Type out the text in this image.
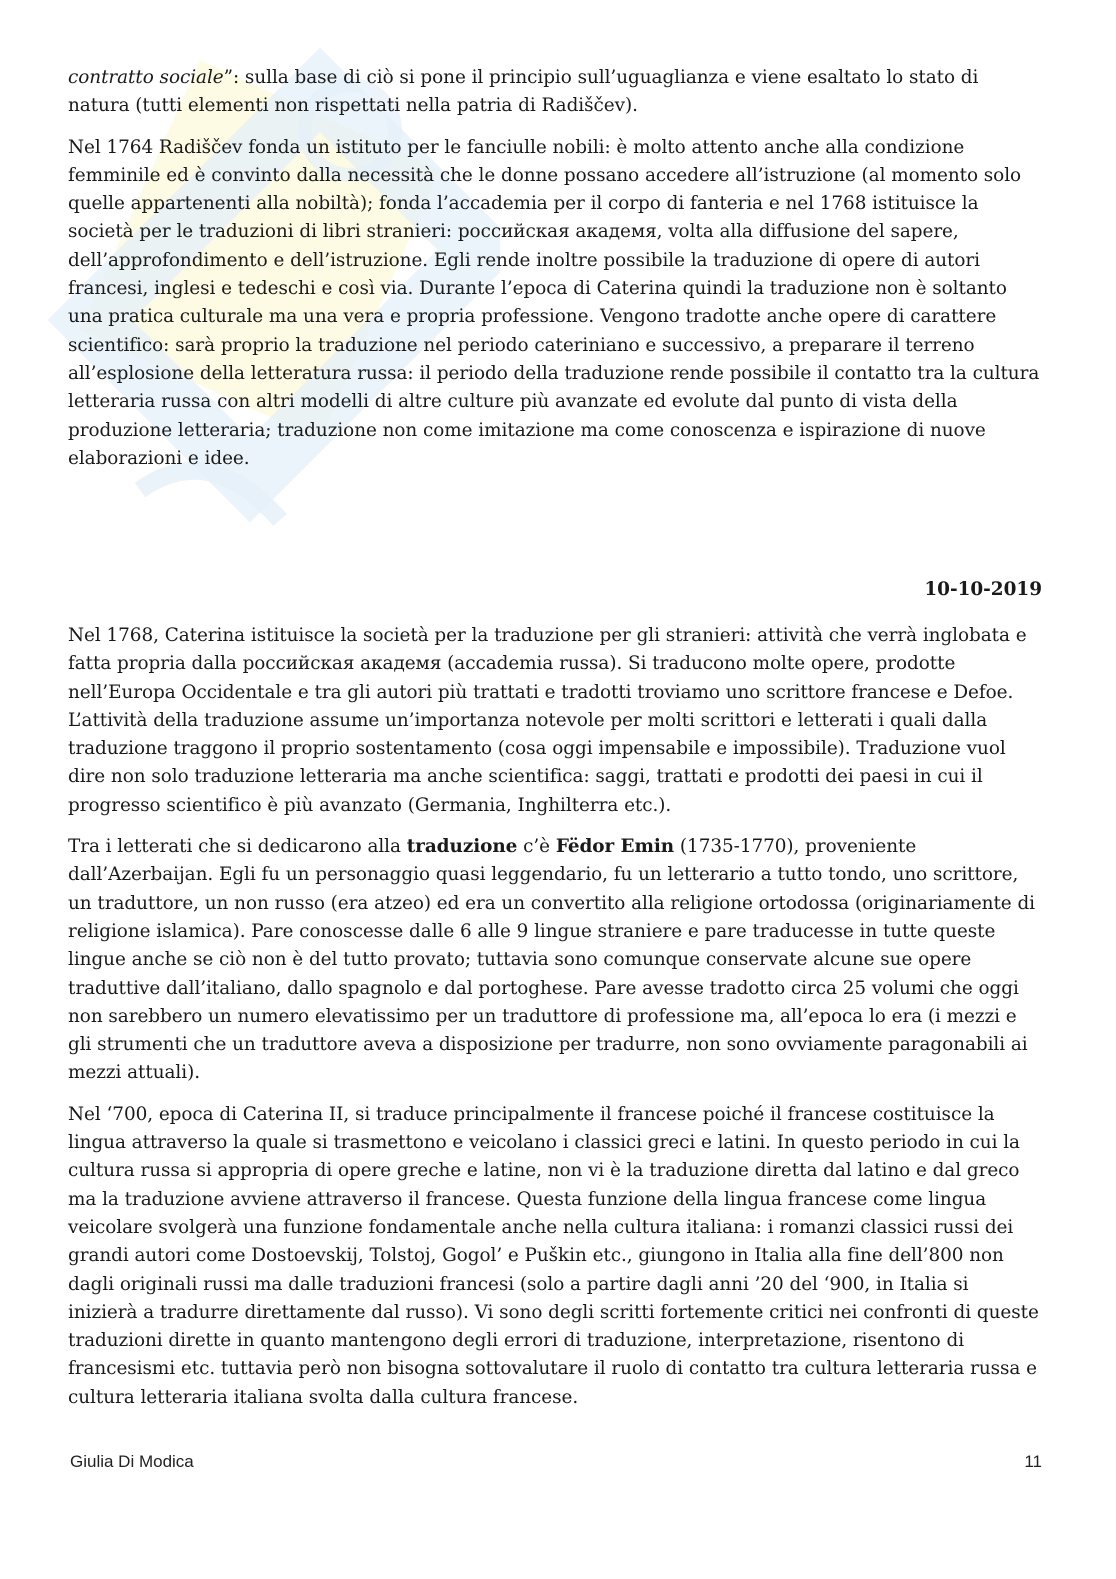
contratto sociale”: sulla base di ciò si pone il principio sull’uguaglianza e viene esaltato lo stato di natura (tutti elementi non rispettati nella patria di Radiščev).

Nel 1764 Radiščev fonda un istituto per le fanciulle nobili: è molto attento anche alla condizione femminile ed è convinto dalla necessità che le donne possano accedere all’istruzione (al momento solo quelle appartenenti alla nobiltà); fonda l’accademia per il corpo di fanteria e nel 1768 istituisce la società per le traduzioni di libri stranieri: российская академя, volta alla diffusione del sapere, dell’approfondimento e dell’istruzione. Egli rende inoltre possibile la traduzione di opere di autori francesi, inglesi e tedeschi e così via. Durante l’epoca di Caterina quindi la traduzione non è soltanto una pratica culturale ma una vera e propria professione. Vengono tradotte anche opere di carattere scientifico: sarà proprio la traduzione nel periodo cateriniano e successivo, a preparare il terreno all’esplosione della letteratura russa: il periodo della traduzione rende possibile il contatto tra la cultura letteraria russa con altri modelli di altre culture più avanzate ed evolute dal punto di vista della produzione letteraria; traduzione non come imitazione ma come conoscenza e ispirazione di nuove elaborazioni e idee.

10-10-2019

Nel 1768, Caterina istituisce la società per la traduzione per gli stranieri: attività che verrà inglobata e fatta propria dalla российская академя (accademia russa). Si traducono molte opere, prodotte nell’Europa Occidentale e tra gli autori più trattati e tradotti troviamo uno scrittore francese e Defoe. L’attività della traduzione assume un’importanza notevole per molti scrittori e letterati i quali dalla traduzione traggono il proprio sostentamento (cosa oggi impensabile e impossibile). Traduzione vuol dire non solo traduzione letteraria ma anche scientifica: saggi, trattati e prodotti dei paesi in cui il progresso scientifico è più avanzato (Germania, Inghilterra etc.).

Tra i letterati che si dedicarono alla traduzione c’è Fëdor Emin (1735-1770), proveniente dall’Azerbaijan. Egli fu un personaggio quasi leggendario, fu un letterario a tutto tondo, uno scrittore, un traduttore, un non russo (era atzeo) ed era un convertito alla religione ortodossa (originariamente di religione islamica). Pare conoscesse dalle 6 alle 9 lingue straniere e pare traducesse in tutte queste lingue anche se ciò non è del tutto provato; tuttavia sono comunque conservate alcune sue opere traduttive dall’italiano, dallo spagnolo e dal portoghese. Pare avesse tradotto circa 25 volumi che oggi non sarebbero un numero elevatissimo per un traduttore di professione ma, all’epoca lo era (i mezzi e gli strumenti che un traduttore aveva a disposizione per tradurre, non sono ovviamente paragonabili ai mezzi attuali).

Nel ‘700, epoca di Caterina II, si traduce principalmente il francese poiché il francese costituisce la lingua attraverso la quale si trasmettono e veicolano i classici greci e latini. In questo periodo in cui la cultura russa si appropria di opere greche e latine, non vi è la traduzione diretta dal latino e dal greco ma la traduzione avviene attraverso il francese. Questa funzione della lingua francese come lingua veicolare svolgerà una funzione fondamentale anche nella cultura italiana: i romanzi classici russi dei grandi autori come Dostoevskij, Tolstoj, Gogol’ e Puškin etc., giungono in Italia alla fine dell’800 non dagli originali russi ma dalle traduzioni francesi (solo a partire dagli anni ’20 del ‘900, in Italia si inizierà a tradurre direttamente dal russo). Vi sono degli scritti fortemente critici nei confronti di queste traduzioni dirette in quanto mantengono degli errori di traduzione, interpretazione, risentono di francesismi etc. tuttavia però non bisogna sottovalutare il ruolo di contatto tra cultura letteraria russa e cultura letteraria italiana svolta dalla cultura francese.

Giulia Di Modica	11
